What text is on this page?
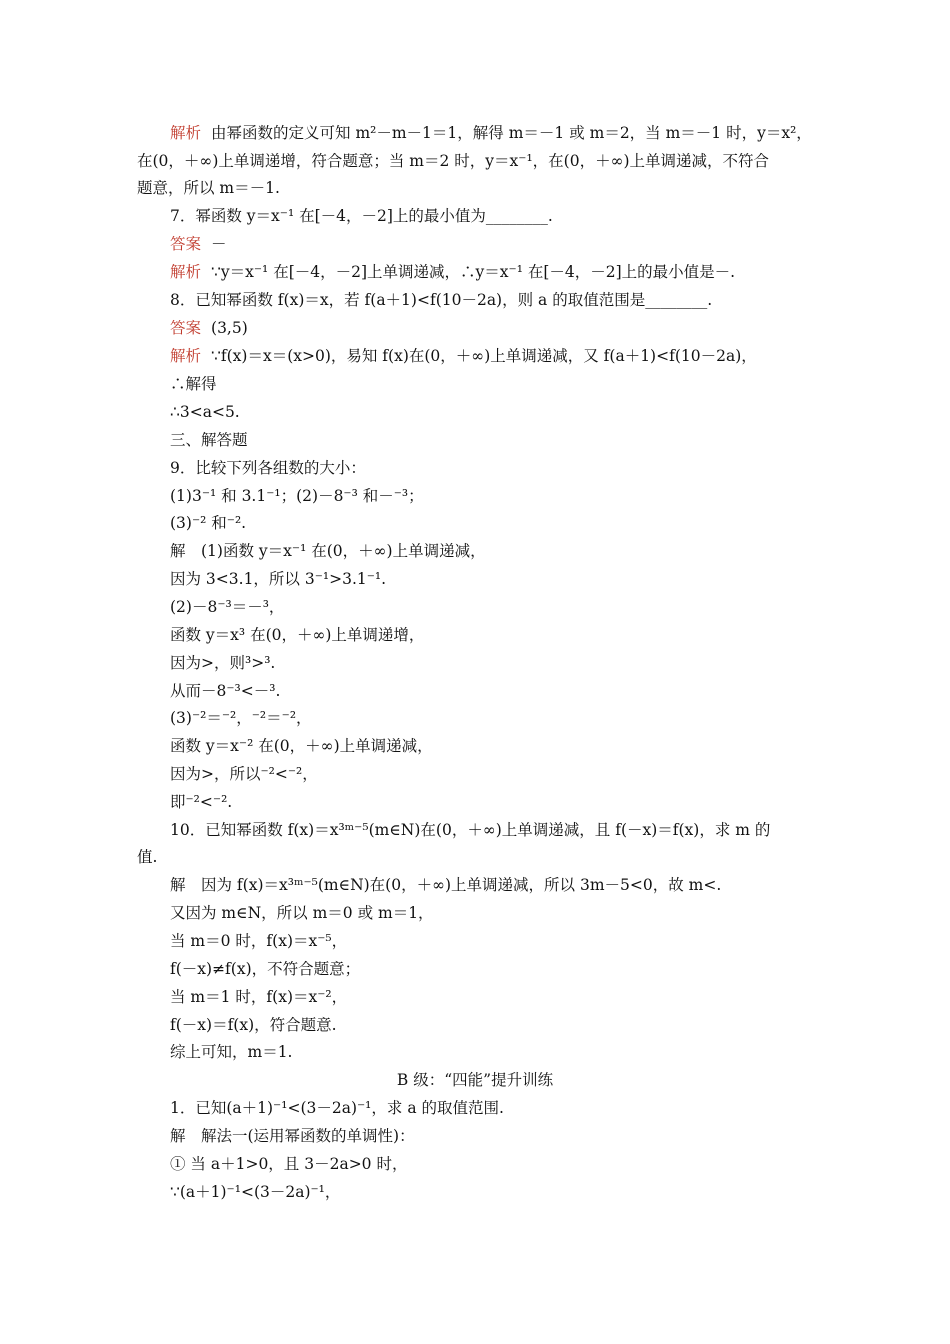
解析 由幂函数的定义可知 m²－m－1＝1，解得 m＝－1 或 m＝2，当 m＝－1 时，y＝x²，
在(0，＋∞)上单调递增，符合题意；当 m＝2 时，y＝x⁻¹，在(0，＋∞)上单调递减，不符合
题意，所以 m＝－1.
7．幂函数 y＝x⁻¹ 在[－4，－2]上的最小值为________.
答案 －
解析 ∵y＝x⁻¹ 在[－4，－2]上单调递减，∴y＝x⁻¹ 在[－4，－2]上的最小值是－.
8．已知幂函数 f(x)＝x，若 f(a＋1)<f(10－2a)，则 a 的取值范围是________.
答案 (3,5)
解析 ∵f(x)＝x＝(x>0)，易知 f(x)在(0，＋∞)上单调递减，又 f(a＋1)<f(10－2a)，
∴解得
∴3<a<5.
三、解答题
9．比较下列各组数的大小：
(1)3⁻¹ 和 3.1⁻¹；(2)－8⁻³ 和－⁻³；
(3)⁻² 和⁻².
解　(1)函数 y＝x⁻¹ 在(0，＋∞)上单调递减，
因为 3<3.1，所以 3⁻¹>3.1⁻¹.
(2)－8⁻³＝－³，
函数 y＝x³ 在(0，＋∞)上单调递增，
因为>，则³>³.
从而－8⁻³<－³.
(3)⁻²＝⁻²，⁻²＝⁻²，
函数 y＝x⁻² 在(0，＋∞)上单调递减，
因为>，所以⁻²<⁻²，
即⁻²<⁻².
10．已知幂函数 f(x)＝x³ᵐ⁻⁵(m∈N)在(0，＋∞)上单调递减，且 f(－x)＝f(x)，求 m 的
值.
解　因为 f(x)＝x³ᵐ⁻⁵(m∈N)在(0，＋∞)上单调递减，所以 3m－5<0，故 m<.
又因为 m∈N，所以 m＝0 或 m＝1，
当 m＝0 时，f(x)＝x⁻⁵，
f(－x)≠f(x)，不符合题意；
当 m＝1 时，f(x)＝x⁻²，
f(－x)＝f(x)，符合题意.
综上可知，m＝1.
B 级：“四能”提升训练
1．已知(a＋1)⁻¹<(3－2a)⁻¹，求 a 的取值范围.
解　解法一(运用幂函数的单调性)：
① 当 a＋1>0，且 3－2a>0 时，
∵(a＋1)⁻¹<(3－2a)⁻¹，
